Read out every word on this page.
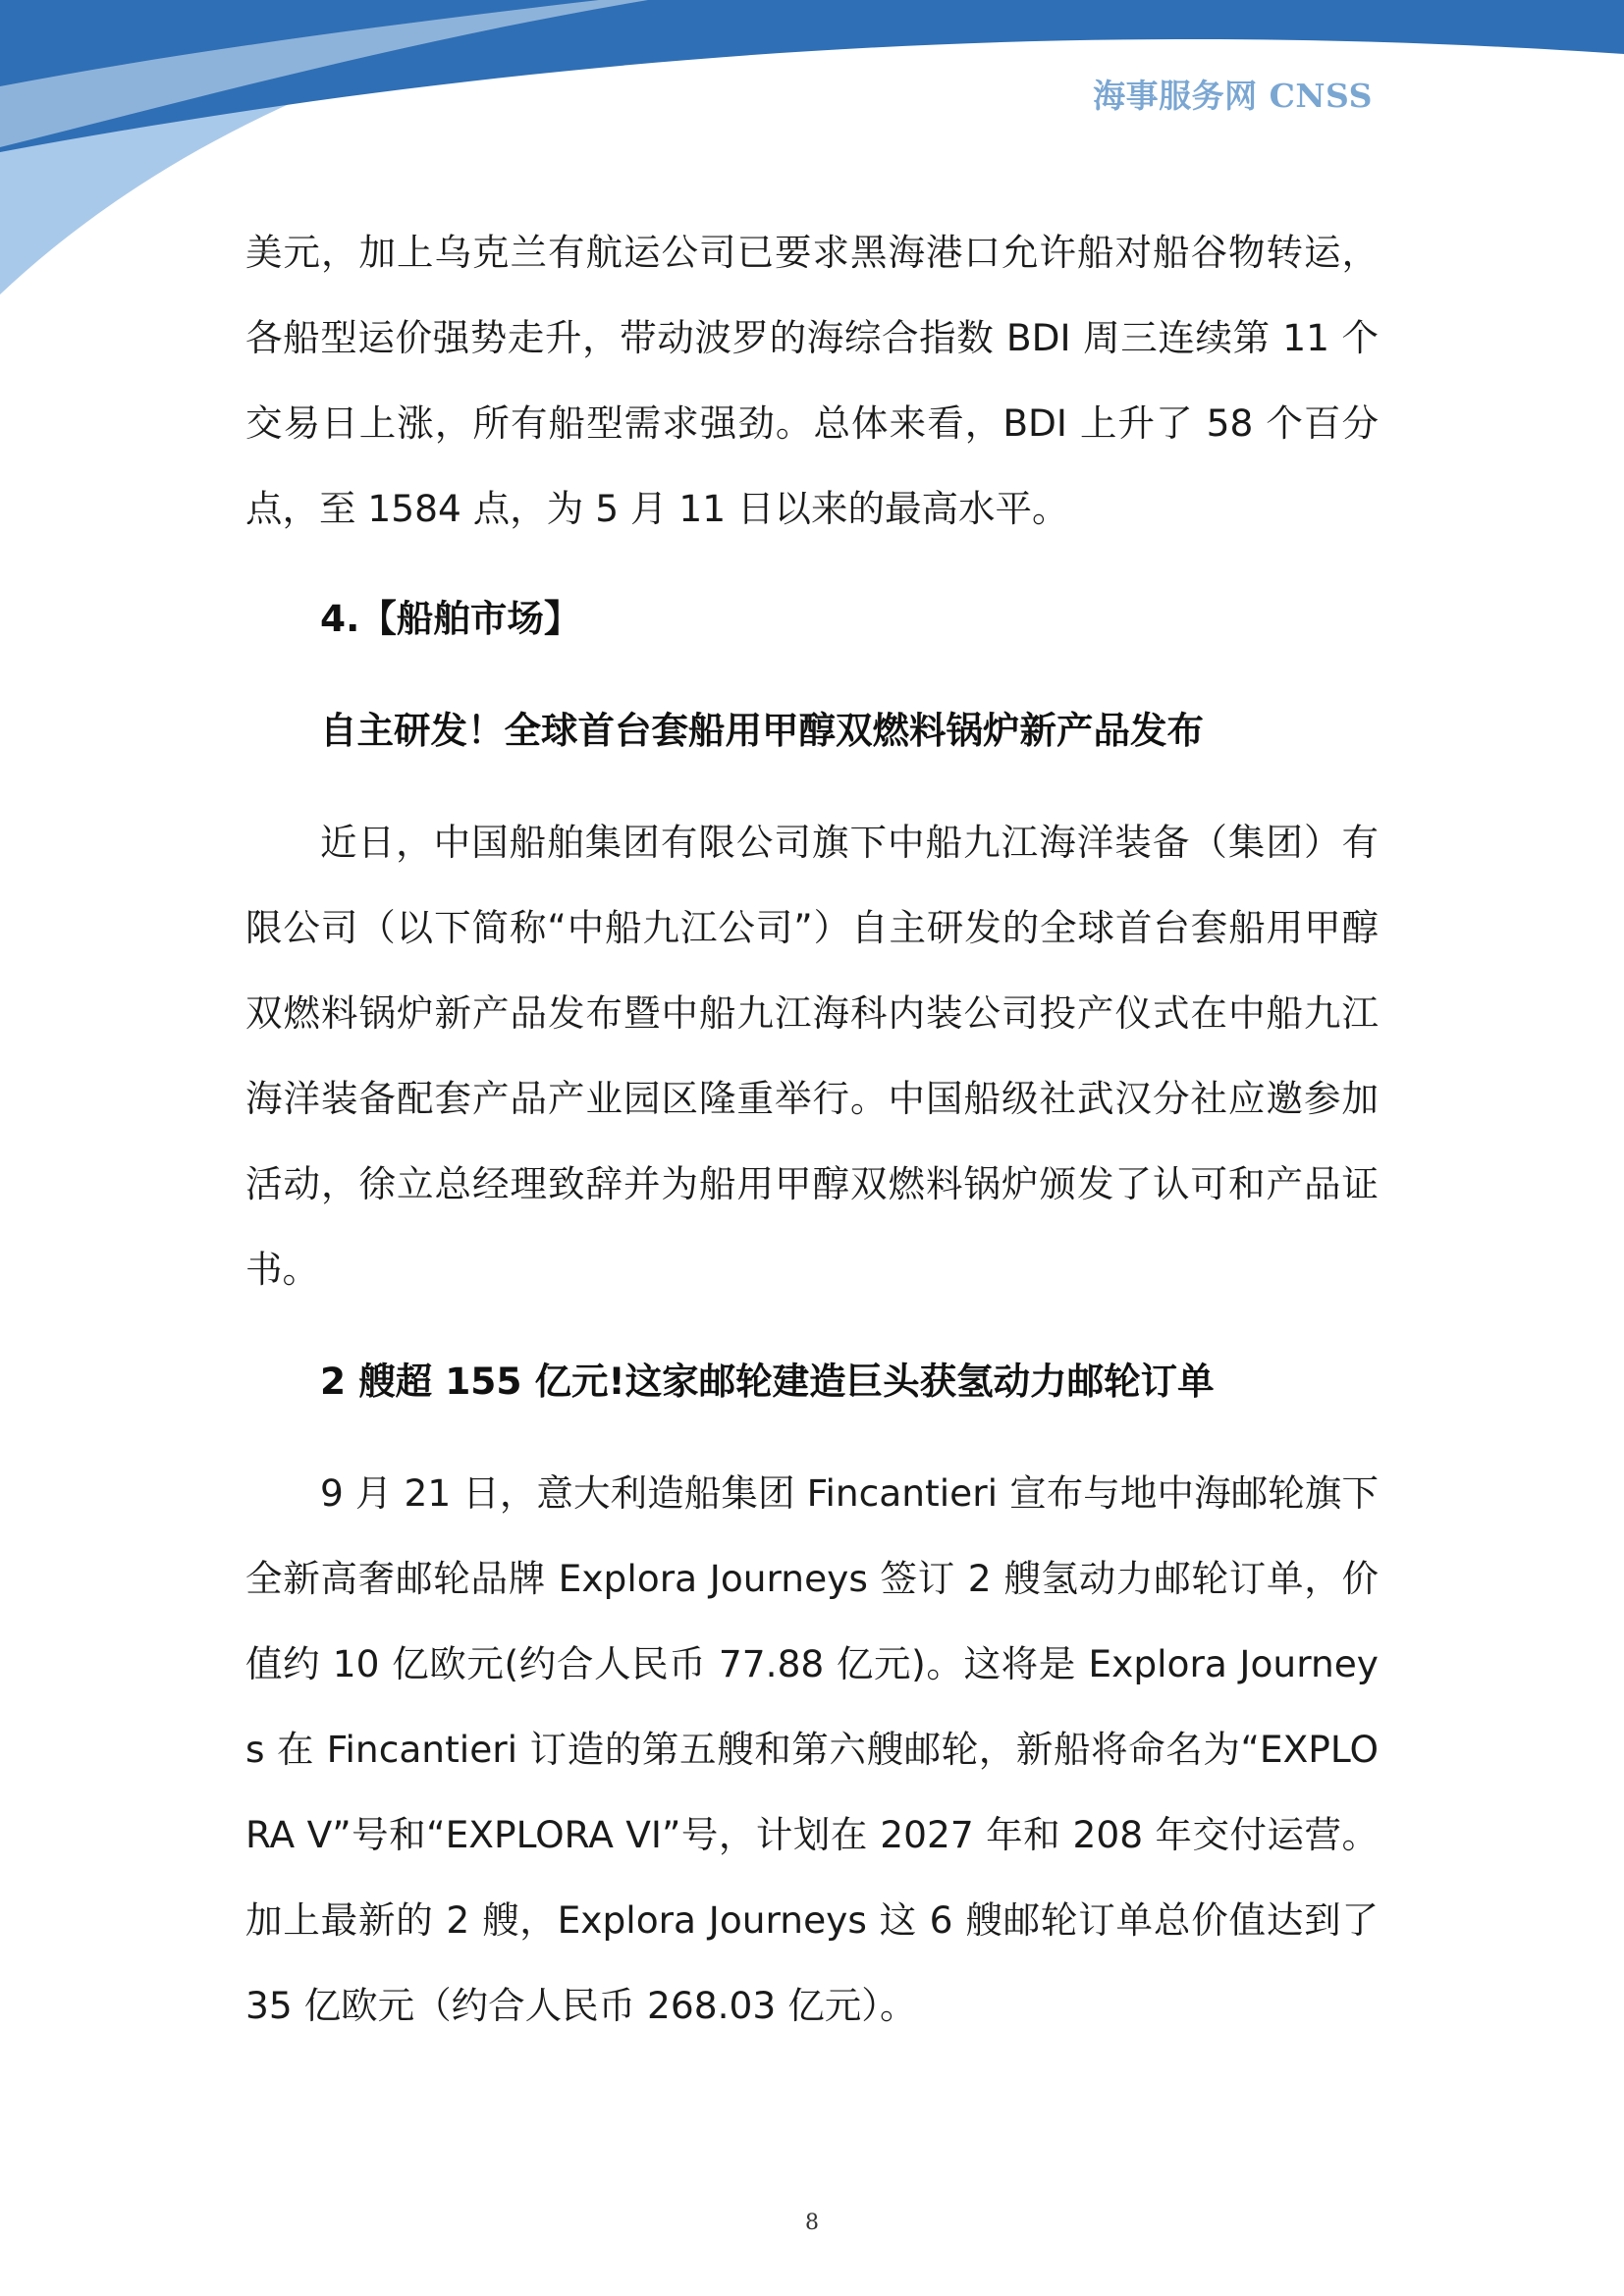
海事服务网 CNSS

美元，加上乌克兰有航运公司已要求黑海港口允许船对船谷物转运，各船型运价强势走升，带动波罗的海综合指数 BDI 周三连续第 11 个交易日上涨，所有船型需求强劲。总体来看，BDI 上升了 58 个百分点，至 1584 点，为 5 月 11 日以来的最高水平。

4.【船舶市场】
自主研发！全球首台套船用甲醇双燃料锅炉新产品发布

近日，中国船舶集团有限公司旗下中船九江海洋装备（集团）有限公司（以下简称“中船九江公司”）自主研发的全球首台套船用甲醇双燃料锅炉新产品发布暨中船九江海科内装公司投产仪式在中船九江海洋装备配套产品产业园区隆重举行。中国船级社武汉分社应邀参加活动，徐立总经理致辞并为船用甲醇双燃料锅炉颁发了认可和产品证书。

2 艘超 155 亿元!这家邮轮建造巨头获氢动力邮轮订单

9 月 21 日，意大利造船集团 Fincantieri 宣布与地中海邮轮旗下全新高奢邮轮品牌 Explora Journeys 签订 2 艘氢动力邮轮订单，价值约 10 亿欧元(约合人民币 77.88 亿元)。这将是 Explora Journeys 在 Fincantieri 订造的第五艘和第六艘邮轮，新船将命名为“EXPLORA V”号和“EXPLORA VI”号，计划在 2027 年和 208 年交付运营。加上最新的 2 艘，Explora Journeys 这 6 艘邮轮订单总价值达到了 35 亿欧元（约合人民币 268.03 亿元）。

8
